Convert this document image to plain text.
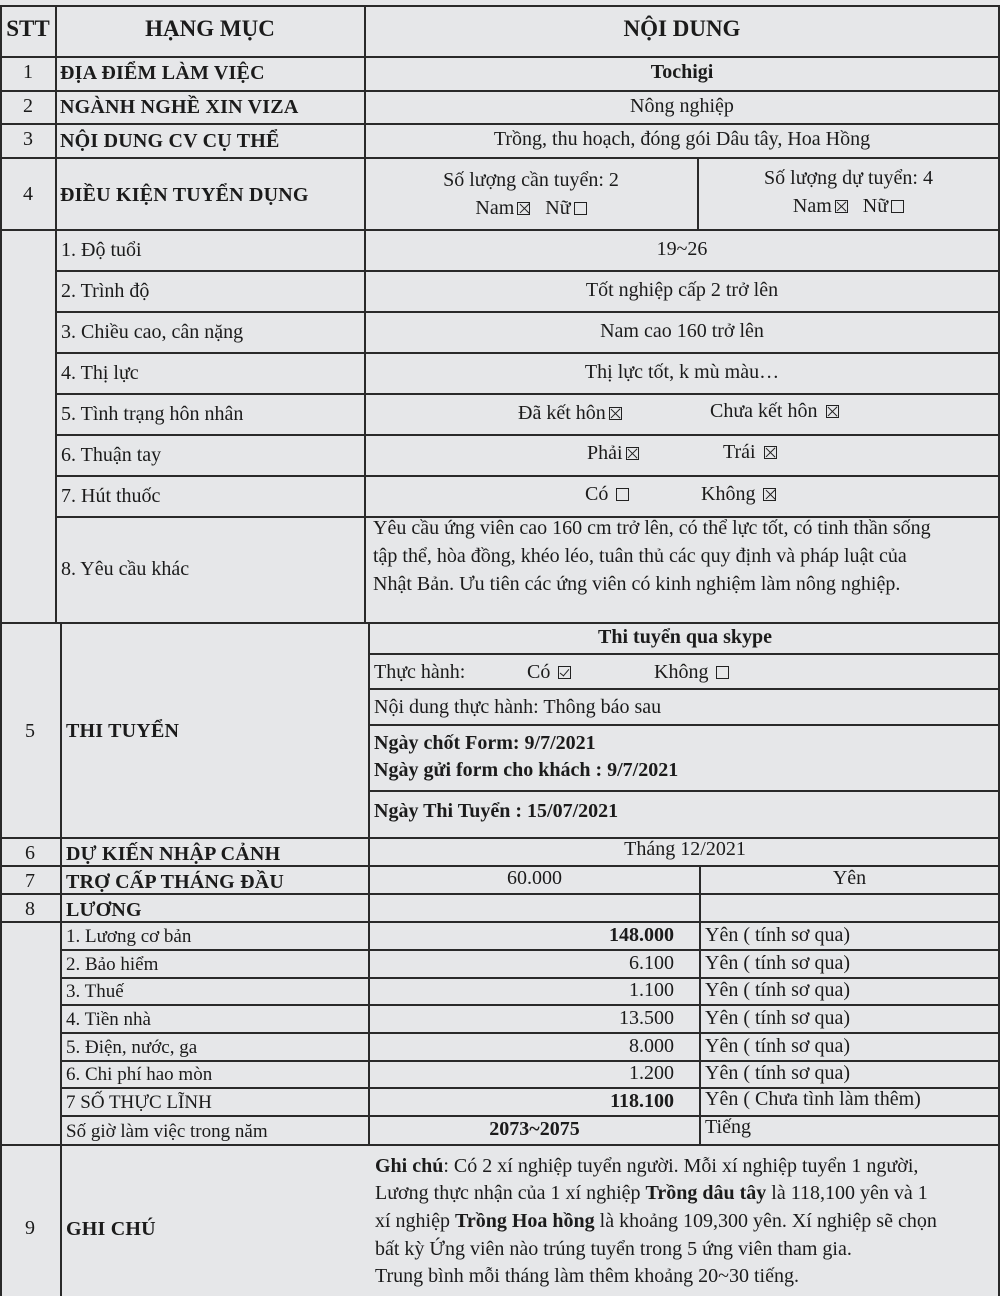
STT	HẠNG MỤC	NỘI DUNG
1	ĐỊA ĐIỂM LÀM VIỆC	Tochigi
2	NGÀNH NGHỀ XIN VIZA	Nông nghiệp
3	NỘI DUNG CV CỤ THỂ	Trồng, thu hoạch, đóng gói Dâu tây, Hoa Hồng
4	ĐIỀU KIỆN TUYỂN DỤNG
Số lượng cần tuyển: 2
Nam Nữ
Số lượng dự tuyển: 4
Nam Nữ
1. Độ tuổi	19~26
2. Trình độ	Tốt nghiệp cấp 2 trở lên
3. Chiều cao, cân nặng	Nam cao 160 trở lên
4. Thị lực	Thị lực tốt, k mù màu…
5. Tình trạng hôn nhân	Đã kết hôn	Chưa kết hôn
6. Thuận tay	Phải	Trái
7. Hút thuốc	Có	Không
8. Yêu cầu khác
Yêu cầu ứng viên cao 160 cm trở lên, có thể lực tốt, có tinh thần sống
tập thể, hòa đồng, khéo léo, tuân thủ các quy định và pháp luật của
Nhật Bản. Ưu tiên các ứng viên có kinh nghiệm làm nông nghiệp.
5	THI TUYỂN
Thi tuyển qua skype
Thực hành:	Có	Không
Nội dung thực hành: Thông báo sau
Ngày chốt Form: 9/7/2021
Ngày gửi form cho khách : 9/7/2021
Ngày Thi Tuyển : 15/07/2021
6	DỰ KIẾN NHẬP CẢNH	Tháng 12/2021
7	TRỢ CẤP THÁNG ĐẦU	60.000	Yên
8	LƯƠNG
1. Lương cơ bản	148.000 Yên ( tính sơ qua)
2. Bảo hiểm	6.100 Yên ( tính sơ qua)
3. Thuế	1.100 Yên ( tính sơ qua)
4. Tiền nhà	13.500 Yên ( tính sơ qua)
5. Điện, nước, ga	8.000 Yên ( tính sơ qua)
6. Chi phí hao mòn	1.200 Yên ( tính sơ qua)
7 SỐ THỰC LĨNH	118.100 Yên ( Chưa tình làm thêm)
Số giờ làm việc trong năm	2073~2075	Tiếng
9	GHI CHÚ
Ghi chú: Có 2 xí nghiệp tuyển người. Mỗi xí nghiệp tuyển 1 người,
Lương thực nhận của 1 xí nghiệp Trồng dâu tây là 118,100 yên và 1
xí nghiệp Trồng Hoa hồng là khoảng 109,300 yên. Xí nghiệp sẽ chọn
bất kỳ Ứng viên nào trúng tuyển trong 5 ứng viên tham gia.
Trung bình mỗi tháng làm thêm khoảng 20~30 tiếng.
